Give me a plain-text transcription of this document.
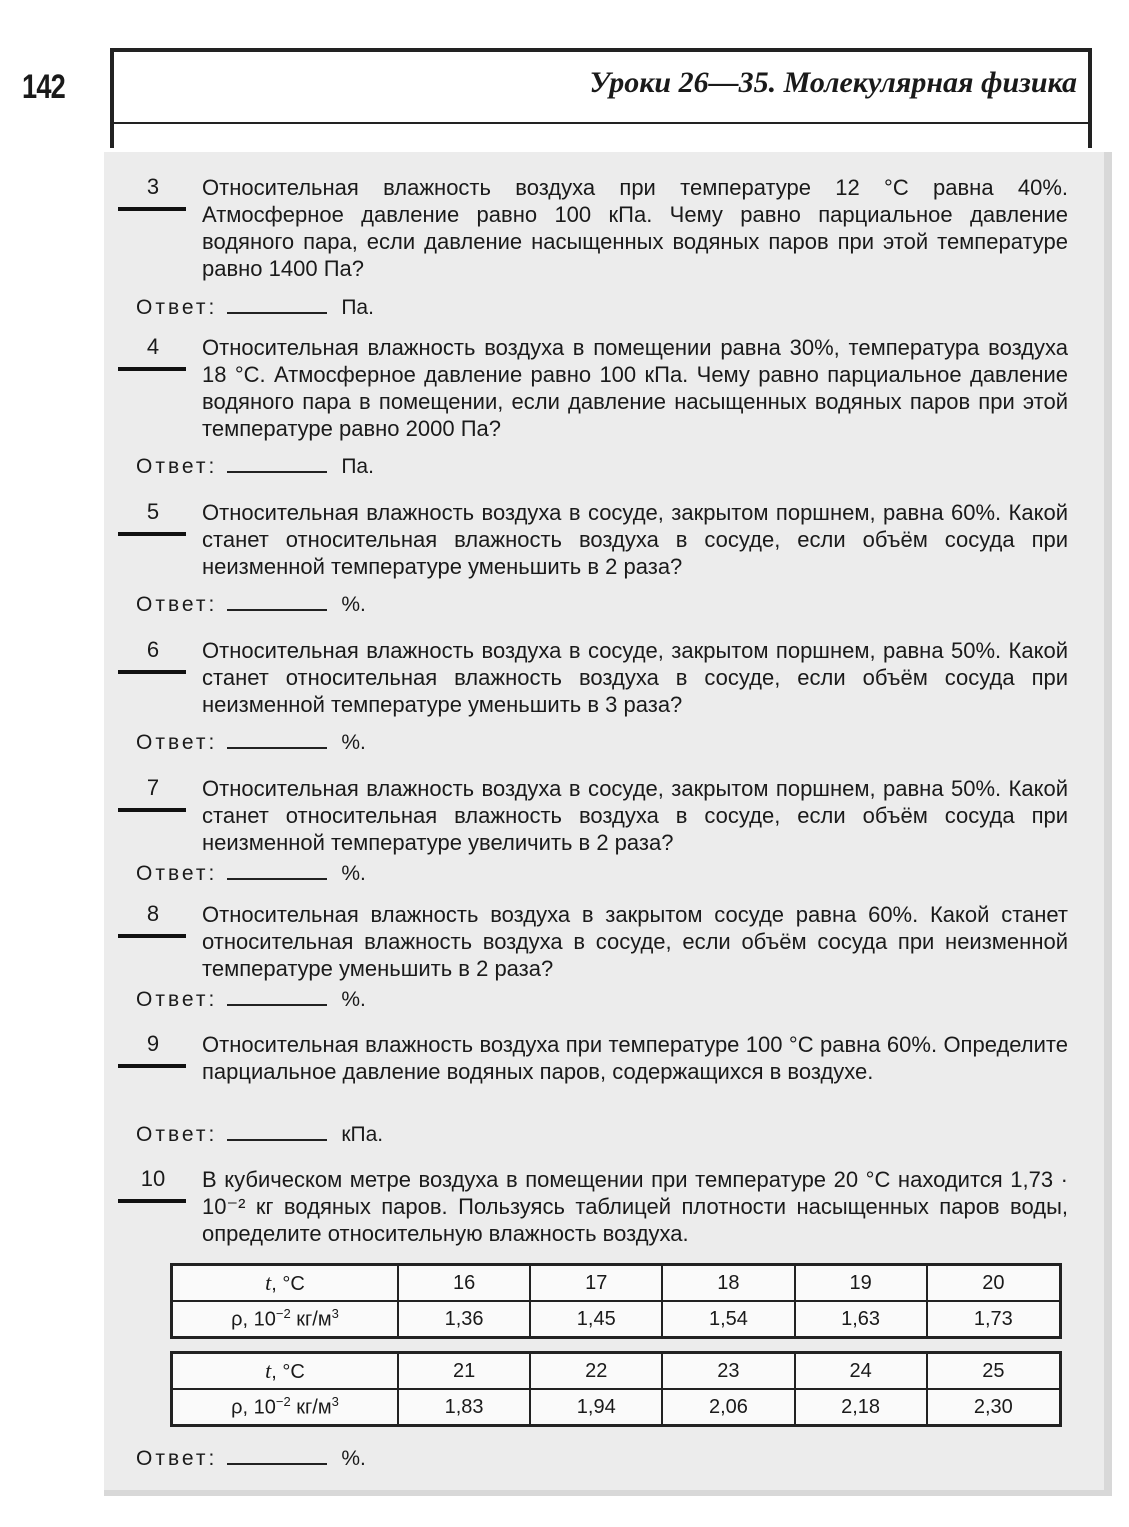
142	Уроки 26—35. Молекулярная физика
3	Относительная влажность воздуха при температуре 12 °С равна 40%. Атмосферное давление равно 100 кПа. Чему равно парциальное давление водяного пара, если давление насыщенных водяных паров при этой температуре равно 1400 Па?
Ответ:	Па.
4	Относительная влажность воздуха в помещении равна 30%, температура воздуха 18 °С. Атмосферное давление равно 100 кПа. Чему равно парциальное давление водяного пара в помещении, если давление насыщенных водяных паров при этой температуре равно 2000 Па?
Ответ:	Па.
5	Относительная влажность воздуха в сосуде, закрытом поршнем, равна 60%. Какой станет относительная влажность воздуха в сосуде, если объём сосуда при неизменной температуре уменьшить в 2 раза?
Ответ:	%.
6	Относительная влажность воздуха в сосуде, закрытом поршнем, равна 50%. Какой станет относительная влажность воздуха в сосуде, если объём сосуда при неизменной температуре уменьшить в 3 раза?
Ответ:	%.
7	Относительная влажность воздуха в сосуде, закрытом поршнем, равна 50%. Какой станет относительная влажность воздуха в сосуде, если объём сосуда при неизменной температуре увеличить в 2 раза?
Ответ:	%.
8	Относительная влажность воздуха в закрытом сосуде равна 60%. Какой станет относительная влажность воздуха в сосуде, если объём сосуда при неизменной температуре уменьшить в 2 раза?
Ответ:	%.
9	Относительная влажность воздуха при температуре 100 °С равна 60%. Определите парциальное давление водяных паров, содержащихся в воздухе.
Ответ:	кПа.
10 В кубическом метре воздуха в помещении при температуре 20 °С находится 1,73 · 10⁻² кг водяных паров. Пользуясь таблицей плотности насыщенных паров воды, определите относительную влажность воздуха.
t, °С	16	17	18	19	20
ρ, $10^{-2}$ $кг/м^3$	1,36	1,45	1,54	1,63	1,73
t, °С	21	22	23	24	25
ρ, $10^{-2}$ $кг/м^3$	1,83	1,94	2,06	2,18	2,30
Ответ:	%.
